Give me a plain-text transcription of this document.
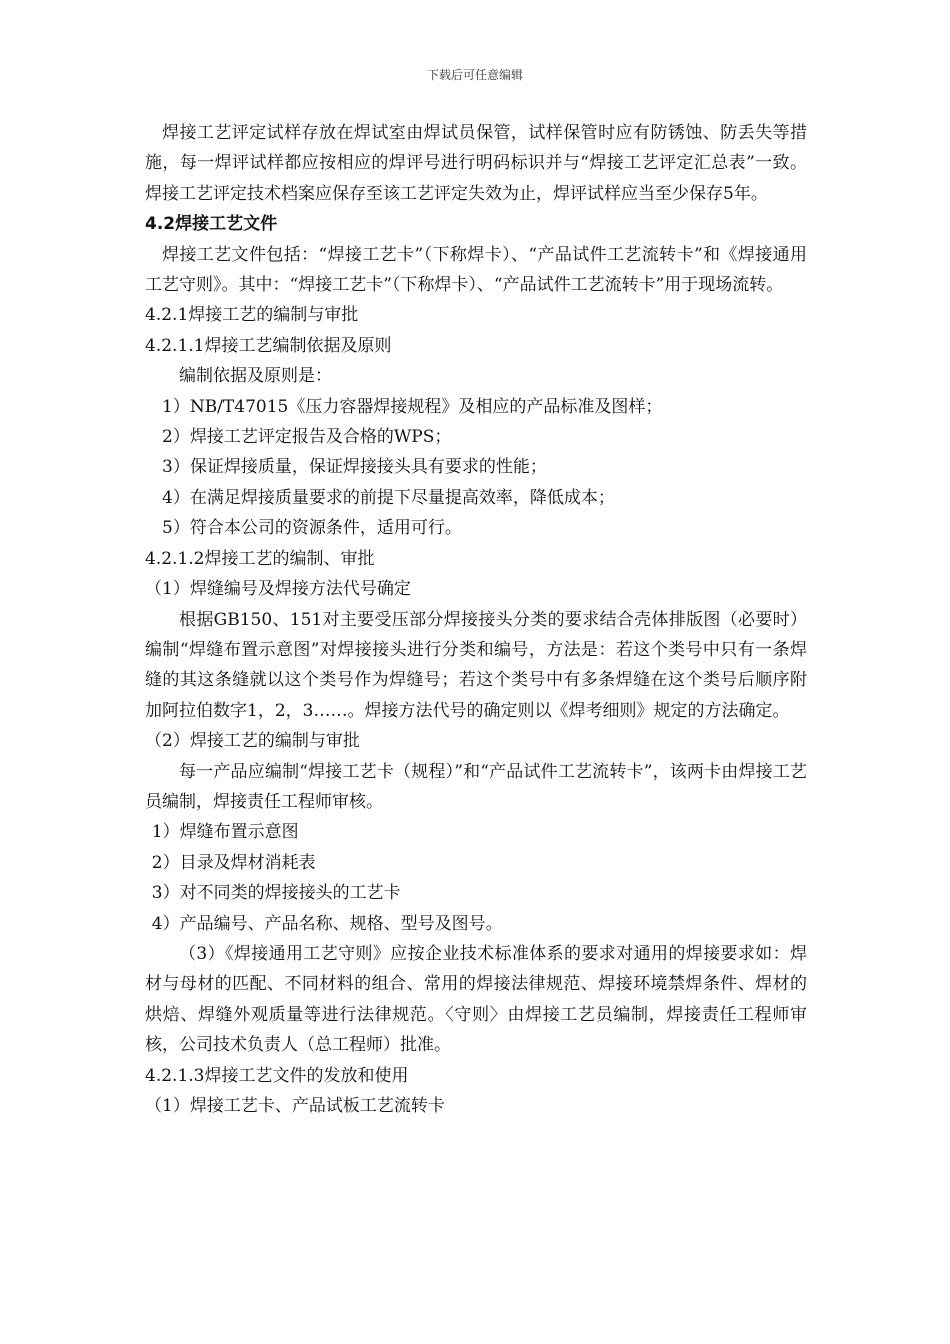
下载后可任意编辑

焊接工艺评定试样存放在焊试室由焊试员保管，试样保管时应有防锈蚀、防丢失等措施，每一焊评试样都应按相应的焊评号进行明码标识并与“焊接工艺评定汇总表”一致。焊接工艺评定技术档案应保存至该工艺评定失效为止，焊评试样应当至少保存5年。

4.2焊接工艺文件

焊接工艺文件包括：“焊接工艺卡”（下称焊卡）、“产品试件工艺流转卡”和《焊接通用工艺守则》。其中：“焊接工艺卡”（下称焊卡）、“产品试件工艺流转卡”用于现场流转。

4.2.1焊接工艺的编制与审批

4.2.1.1焊接工艺编制依据及原则

编制依据及原则是：

1）NB/T47015《压力容器焊接规程》及相应的产品标准及图样；

2）焊接工艺评定报告及合格的WPS；

3）保证焊接质量，保证焊接接头具有要求的性能；

4）在满足焊接质量要求的前提下尽量提高效率，降低成本；

5）符合本公司的资源条件，适用可行。

4.2.1.2焊接工艺的编制、审批

（1）焊缝编号及焊接方法代号确定

根据GB150、151对主要受压部分焊接接头分类的要求结合壳体排版图（必要时）编制“焊缝布置示意图”对焊接接头进行分类和编号，方法是：若这个类号中只有一条焊缝的其这条缝就以这个类号作为焊缝号；若这个类号中有多条焊缝在这个类号后顺序附加阿拉伯数字1，2，3……。焊接方法代号的确定则以《焊考细则》规定的方法确定。

（2）焊接工艺的编制与审批

每一产品应编制“焊接工艺卡（规程）”和“产品试件工艺流转卡”，该两卡由焊接工艺员编制，焊接责任工程师审核。

1）焊缝布置示意图

2）目录及焊材消耗表

3）对不同类的焊接接头的工艺卡

4）产品编号、产品名称、规格、型号及图号。

（3）《焊接通用工艺守则》应按企业技术标准体系的要求对通用的焊接要求如：焊材与母材的匹配、不同材料的组合、常用的焊接法律规范、焊接环境禁焊条件、焊材的烘焙、焊缝外观质量等进行法律规范。〈守则〉由焊接工艺员编制，焊接责任工程师审核，公司技术负责人（总工程师）批准。

4.2.1.3焊接工艺文件的发放和使用

（1）焊接工艺卡、产品试板工艺流转卡
